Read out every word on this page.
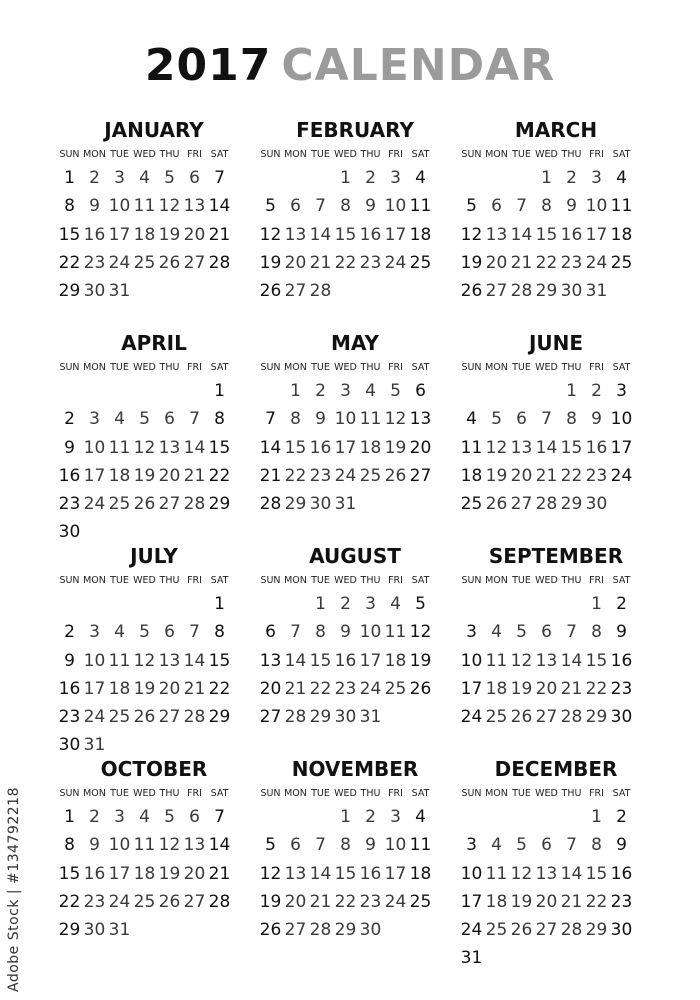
2017 CALENDAR
JANUARY
SUN MON TUE WED THU FRI SAT
1 2 3 4 5 6 7
8 9 10 11 12 13 14
15 16 17 18 19 20 21
22 23 24 25 26 27 28
29 30 31
FEBRUARY
SUN MON TUE WED THU FRI SAT
1 2 3 4
5 6 7 8 9 10 11
12 13 14 15 16 17 18
19 20 21 22 23 24 25
26 27 28
MARCH
SUN MON TUE WED THU FRI SAT
1 2 3 4
5 6 7 8 9 10 11
12 13 14 15 16 17 18
19 20 21 22 23 24 25
26 27 28 29 30 31
APRIL
SUN MON TUE WED THU FRI SAT
1
2 3 4 5 6 7 8
9 10 11 12 13 14 15
16 17 18 19 20 21 22
23 24 25 26 27 28 29
30
MAY
SUN MON TUE WED THU FRI SAT
1 2 3 4 5 6
7 8 9 10 11 12 13
14 15 16 17 18 19 20
21 22 23 24 25 26 27
28 29 30 31
JUNE
SUN MON TUE WED THU FRI SAT
1 2 3
4 5 6 7 8 9 10
11 12 13 14 15 16 17
18 19 20 21 22 23 24
25 26 27 28 29 30
JULY
SUN MON TUE WED THU FRI SAT
1
2 3 4 5 6 7 8
9 10 11 12 13 14 15
16 17 18 19 20 21 22
23 24 25 26 27 28 29
30 31
AUGUST
SUN MON TUE WED THU FRI SAT
1 2 3 4 5
6 7 8 9 10 11 12
13 14 15 16 17 18 19
20 21 22 23 24 25 26
27 28 29 30 31
SEPTEMBER
SUN MON TUE WED THU FRI SAT
1 2
3 4 5 6 7 8 9
10 11 12 13 14 15 16
17 18 19 20 21 22 23
24 25 26 27 28 29 30
OCTOBER
SUN MON TUE WED THU FRI SAT
1 2 3 4 5 6 7
8 9 10 11 12 13 14
15 16 17 18 19 20 21
22 23 24 25 26 27 28
29 30 31
NOVEMBER
SUN MON TUE WED THU FRI SAT
1 2 3 4
5 6 7 8 9 10 11
12 13 14 15 16 17 18
19 20 21 22 23 24 25
26 27 28 29 30
DECEMBER
SUN MON TUE WED THU FRI SAT
1 2
3 4 5 6 7 8 9
10 11 12 13 14 15 16
17 18 19 20 21 22 23
24 25 26 27 28 29 30
31
Adobe Stock | #134792218
